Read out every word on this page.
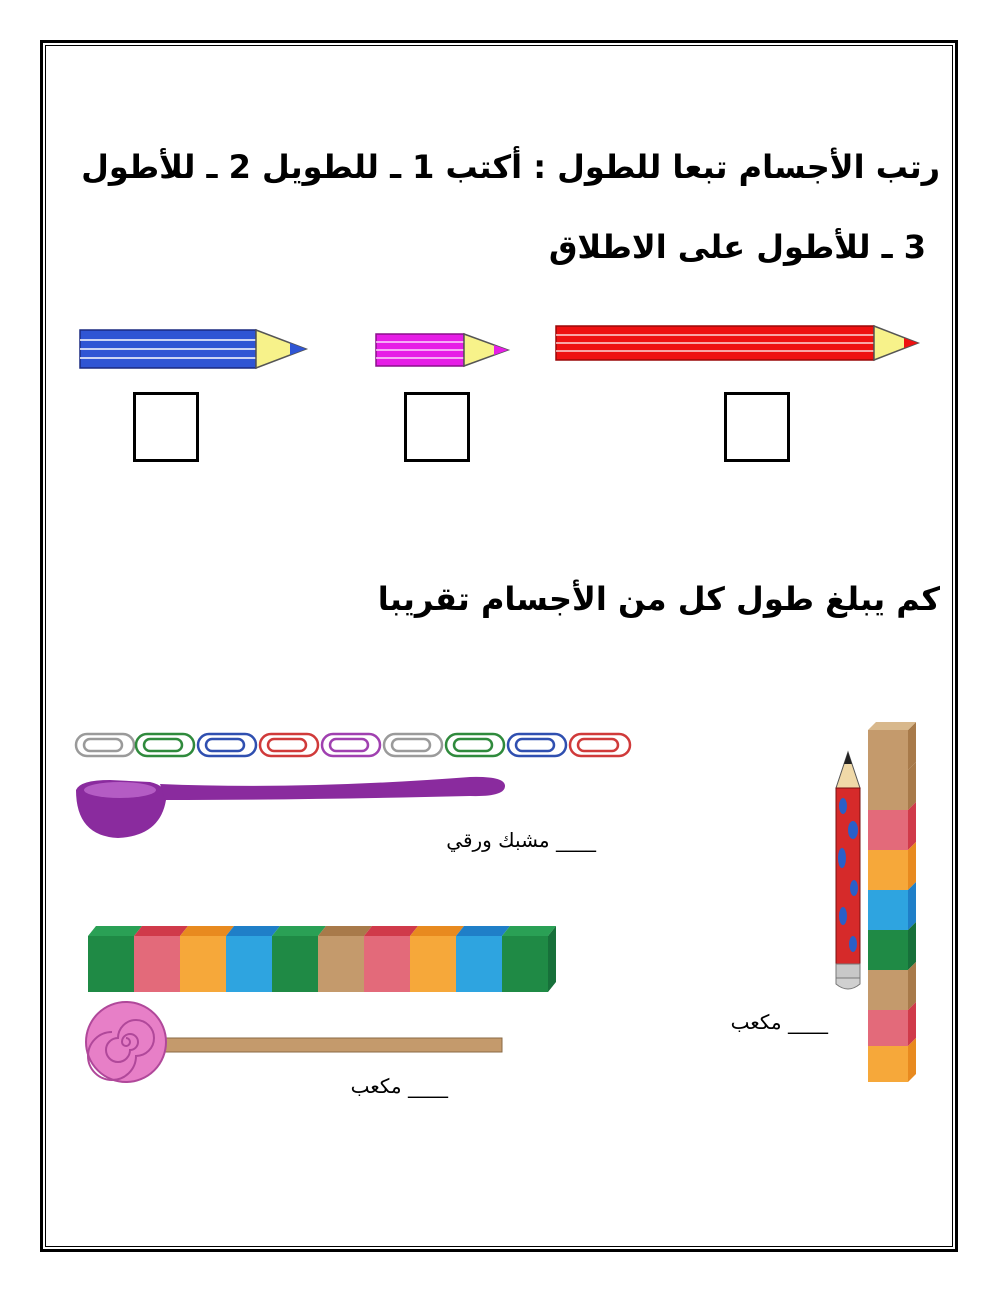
رتب الأجسام تبعا للطول : أكتب 1 ـ للطويل 2 ـ للأطول
3 ـ للأطول على الاطلاق
كم يبلغ طول كل من الأجسام تقريبا
____ مشبك ورقي
____ مكعب
____ مكعب
